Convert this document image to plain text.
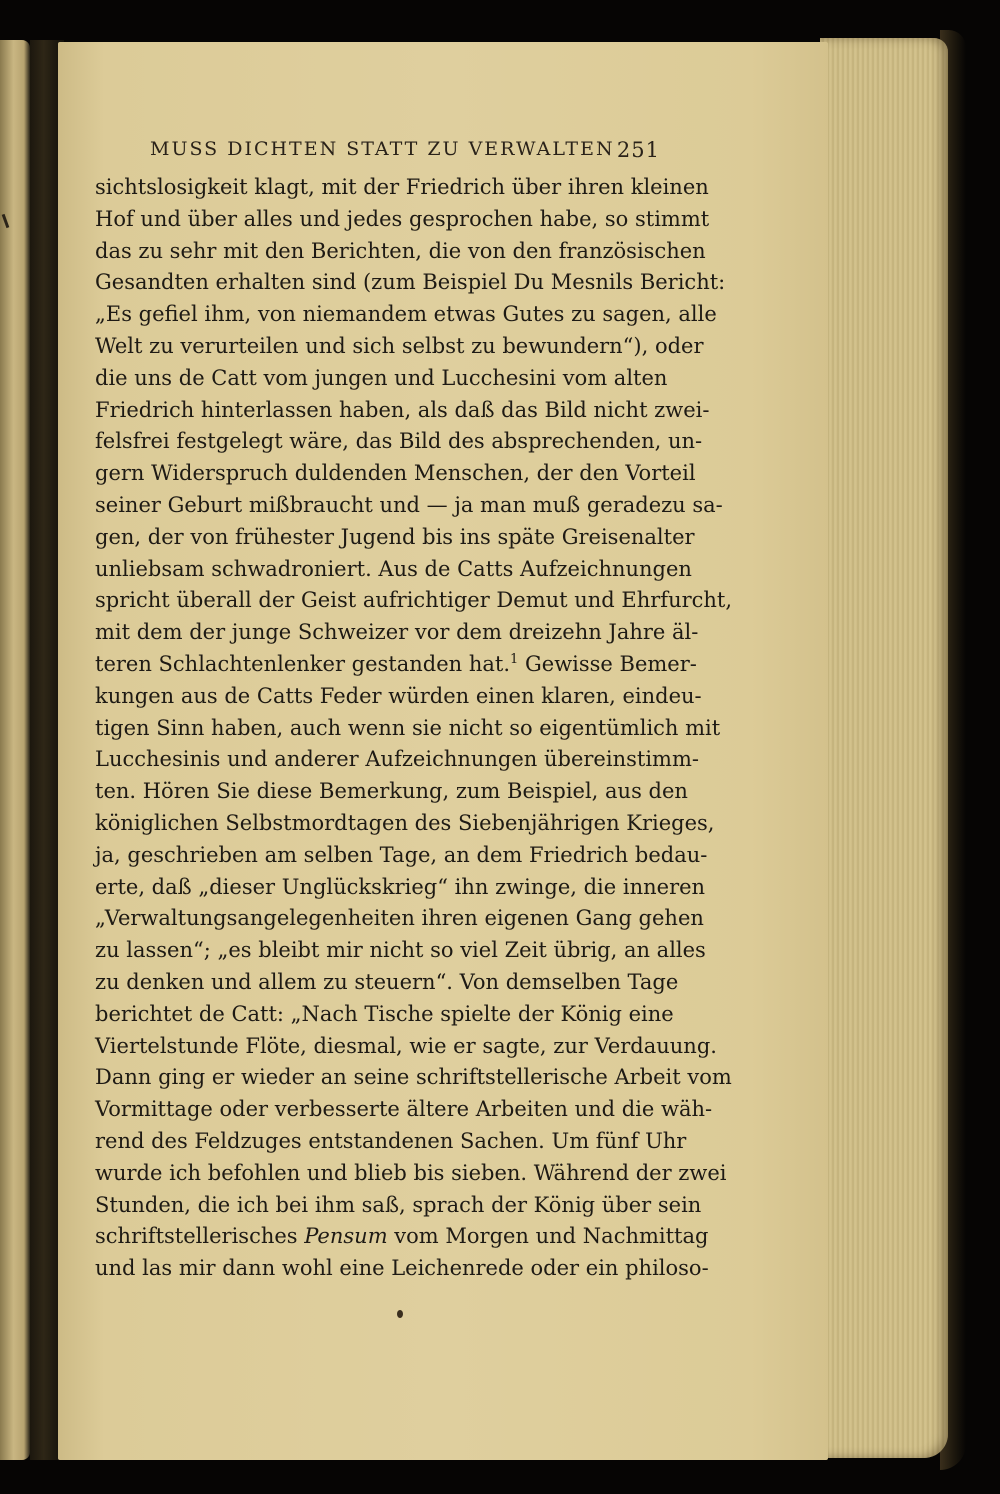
MUSS DICHTEN STATT ZU VERWALTEN 251
sichtslosigkeit klagt, mit der Friedrich über ihren kleinen
Hof und über alles und jedes gesprochen habe, so stimmt
das zu sehr mit den Berichten, die von den französischen
Gesandten erhalten sind (zum Beispiel Du Mesnils Bericht:
„Es gefiel ihm, von niemandem etwas Gutes zu sagen, alle
Welt zu verurteilen und sich selbst zu bewundern“), oder
die uns de Catt vom jungen und Lucchesini vom alten
Friedrich hinterlassen haben, als daß das Bild nicht zwei-
felsfrei festgelegt wäre, das Bild des absprechenden, un-
gern Widerspruch duldenden Menschen, der den Vorteil
seiner Geburt mißbraucht und — ja man muß geradezu sa-
gen, der von frühester Jugend bis ins späte Greisenalter
unliebsam schwadroniert. Aus de Catts Aufzeichnungen
spricht überall der Geist aufrichtiger Demut und Ehrfurcht,
mit dem der junge Schweizer vor dem dreizehn Jahre äl-
teren Schlachtenlenker gestanden hat.$^1$ Gewisse Bemer-
kungen aus de Catts Feder würden einen klaren, eindeu-
tigen Sinn haben, auch wenn sie nicht so eigentümlich mit
Lucchesinis und anderer Aufzeichnungen übereinstimm-
ten. Hören Sie diese Bemerkung, zum Beispiel, aus den
königlichen Selbstmordtagen des Siebenjährigen Krieges,
ja, geschrieben am selben Tage, an dem Friedrich bedau-
erte, daß „dieser Unglückskrieg“ ihn zwinge, die inneren
„Verwaltungsangelegenheiten ihren eigenen Gang gehen
zu lassen“; „es bleibt mir nicht so viel Zeit übrig, an alles
zu denken und allem zu steuern“. Von demselben Tage
berichtet de Catt: „Nach Tische spielte der König eine
Viertelstunde Flöte, diesmal, wie er sagte, zur Verdauung.
Dann ging er wieder an seine schriftstellerische Arbeit vom
Vormittage oder verbesserte ältere Arbeiten und die wäh-
rend des Feldzuges entstandenen Sachen. Um fünf Uhr
wurde ich befohlen und blieb bis sieben. Während der zwei
Stunden, die ich bei ihm saß, sprach der König über sein
schriftstellerisches Pensum vom Morgen und Nachmittag
und las mir dann wohl eine Leichenrede oder ein philoso-
